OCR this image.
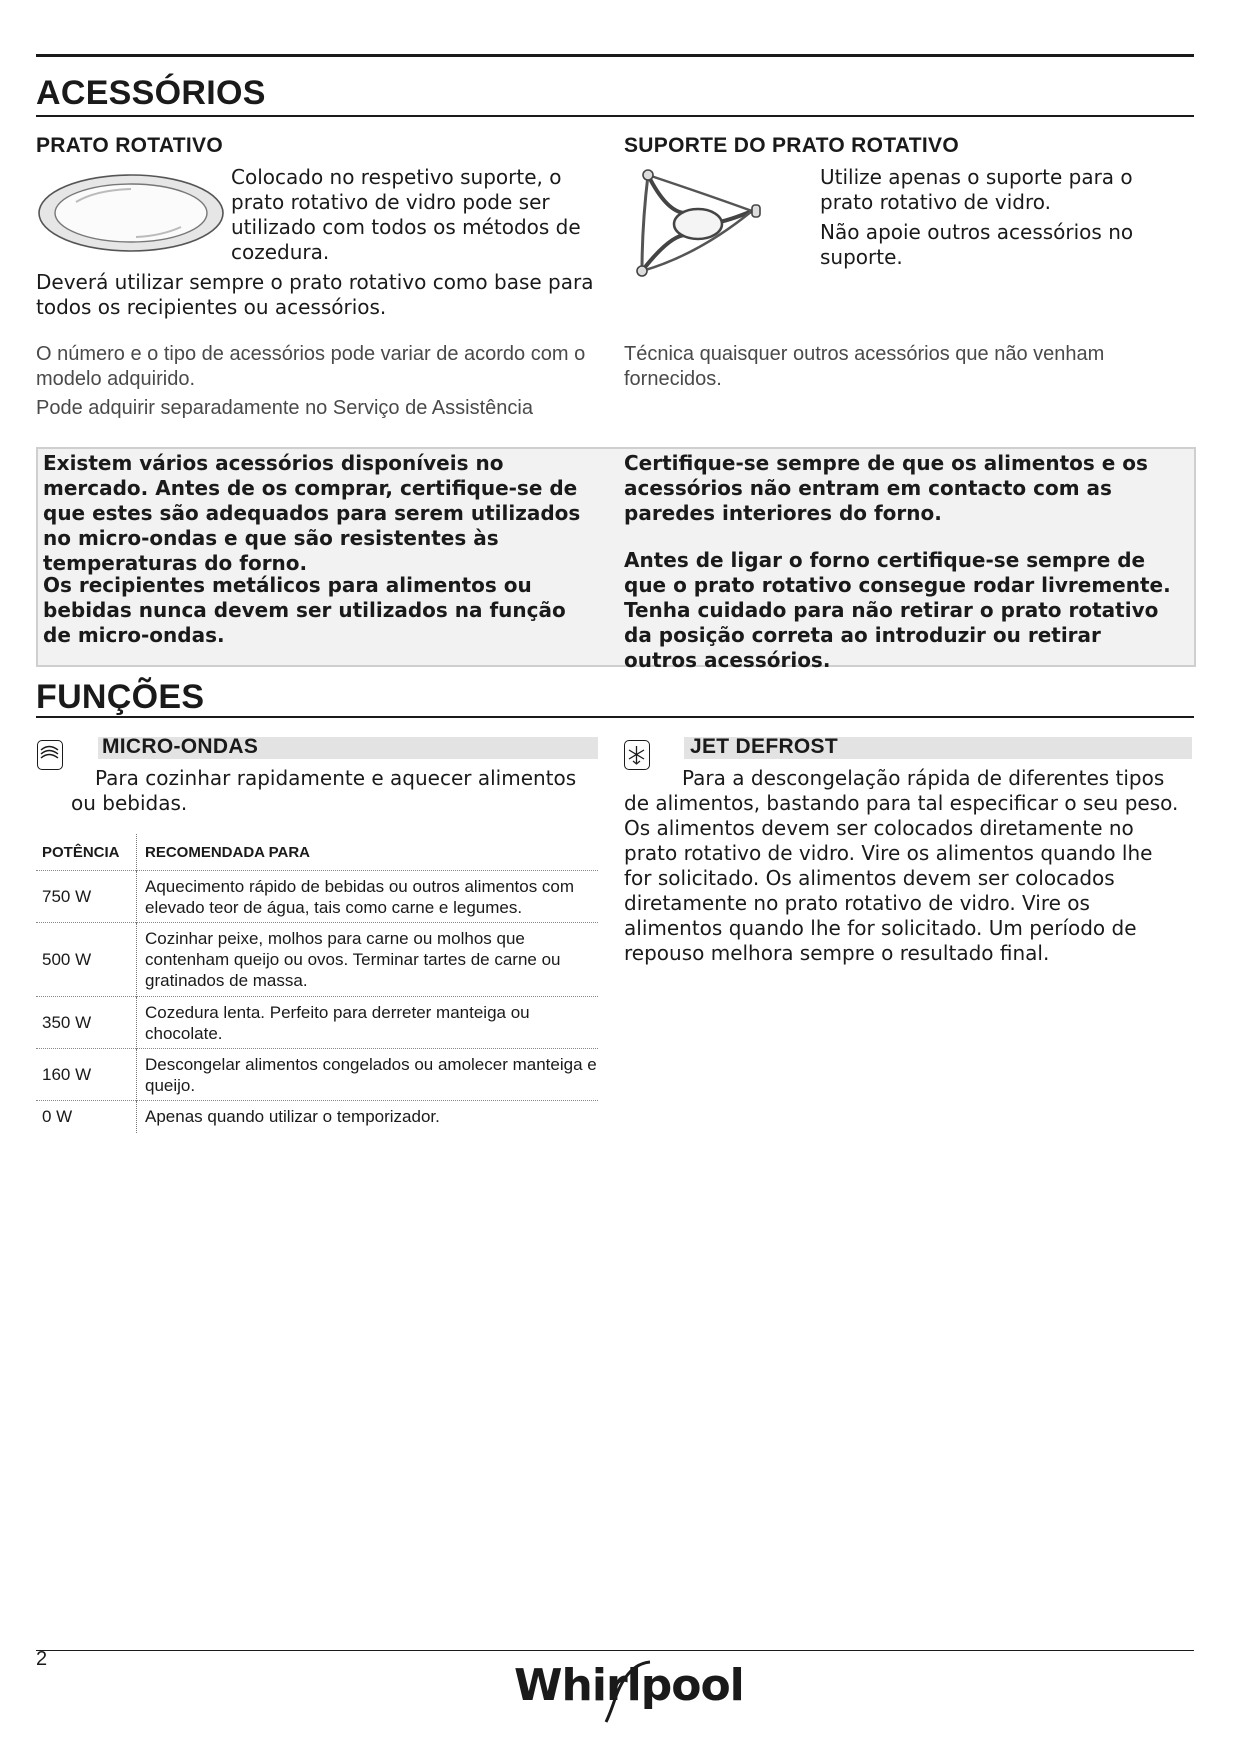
ACESSÓRIOS
PRATO ROTATIVO
Colocado no respetivo suporte, o prato rotativo de vidro pode ser utilizado com todos os métodos de cozedura.
Deverá utilizar sempre o prato rotativo como base para todos os recipientes ou acessórios.
SUPORTE DO PRATO ROTATIVO
Utilize apenas o suporte para o prato rotativo de vidro.
Não apoie outros acessórios no suporte.
O número e o tipo de acessórios pode variar de acordo com o modelo adquirido.
Pode adquirir separadamente no Serviço de Assistência
Técnica quaisquer outros acessórios que não venham fornecidos.
Existem vários acessórios disponíveis no mercado. Antes de os comprar, certifique-se de que estes são adequados para serem utilizados no micro-ondas e que são resistentes às temperaturas do forno.
Os recipientes metálicos para alimentos ou bebidas nunca devem ser utilizados na função de micro-ondas.
Certifique-se sempre de que os alimentos e os acessórios não entram em contacto com as paredes interiores do forno.
Antes de ligar o forno certifique-se sempre de que o prato rotativo consegue rodar livremente. Tenha cuidado para não retirar o prato rotativo da posição correta ao introduzir ou retirar outros acessórios.
FUNÇÕES
MICRO-ONDAS
Para cozinhar rapidamente e aquecer alimentos ou bebidas.
POTÊNCIA	RECOMENDADA PARA
750 W	Aquecimento rápido de bebidas ou outros alimentos com elevado teor de água, tais como carne e legumes.
500 W	Cozinhar peixe, molhos para carne ou molhos que contenham queijo ou ovos. Terminar tartes de carne ou gratinados de massa.
350 W	Cozedura lenta. Perfeito para derreter manteiga ou chocolate.
160 W	Descongelar alimentos congelados ou amolecer manteiga e queijo.
0 W	Apenas quando utilizar o temporizador.
JET DEFROST
Para a descongelação rápida de diferentes tipos de alimentos, bastando para tal especificar o seu peso. Os alimentos devem ser colocados diretamente no prato rotativo de vidro. Vire os alimentos quando lhe for solicitado. Os alimentos devem ser colocados diretamente no prato rotativo de vidro. Vire os alimentos quando lhe for solicitado. Um período de repouso melhora sempre o resultado final.
2
Whirlpool
